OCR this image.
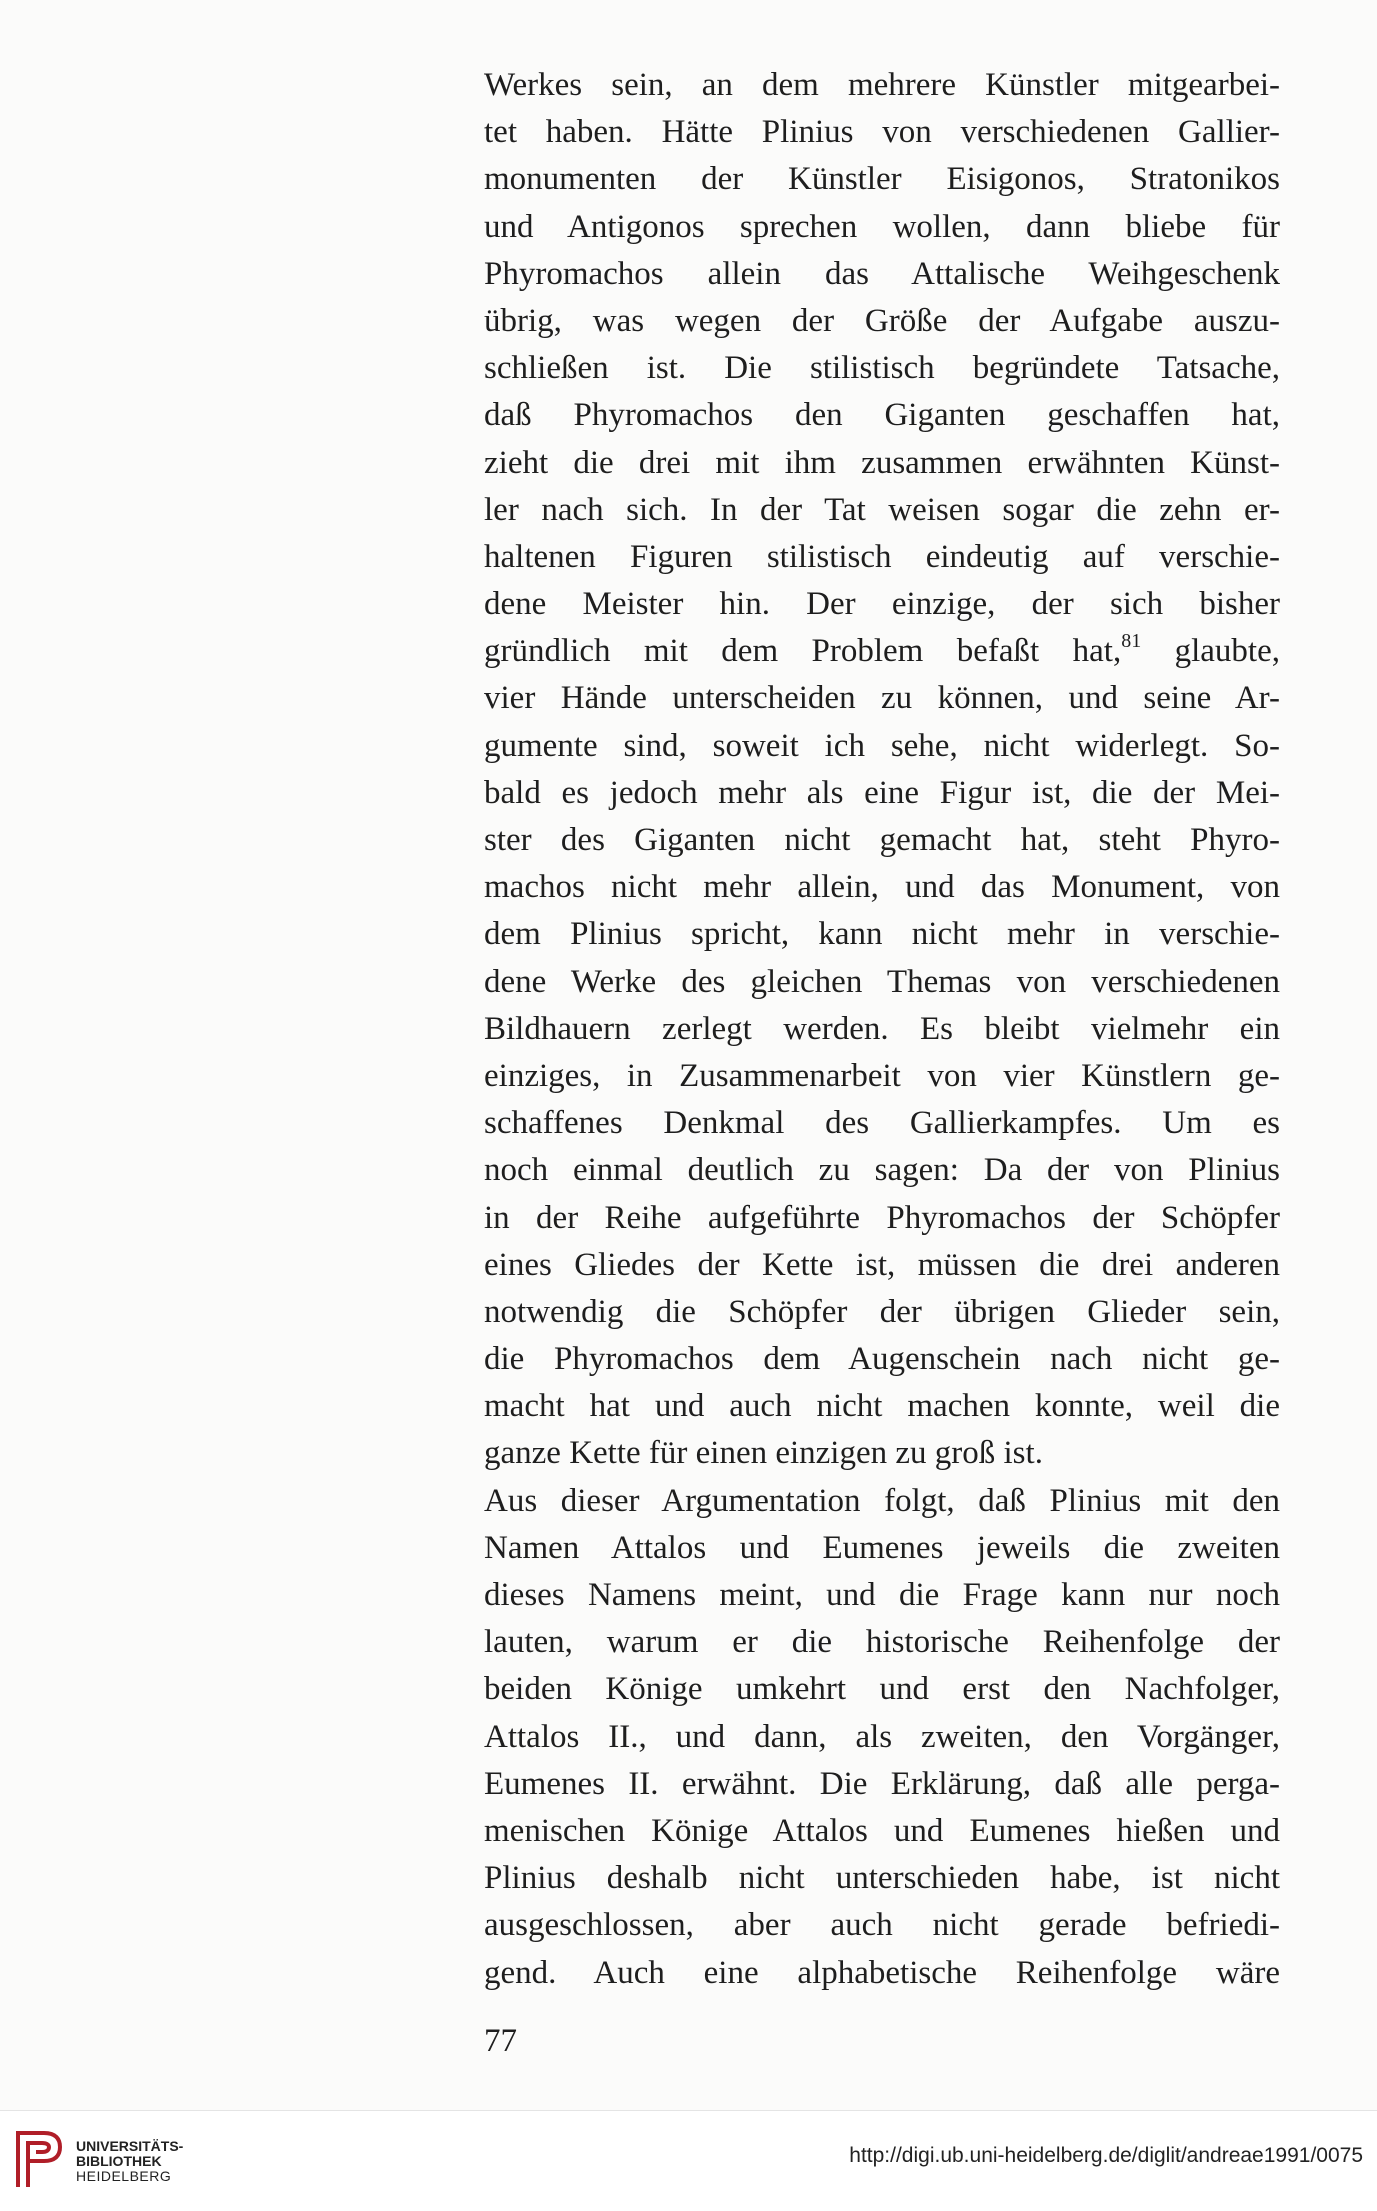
Werkes sein, an dem mehrere Künstler mitgearbei-
tet haben. Hätte Plinius von verschiedenen Gallier-
monumenten der Künstler Eisigonos, Stratonikos
und Antigonos sprechen wollen, dann bliebe für
Phyromachos allein das Attalische Weihgeschenk
übrig, was wegen der Größe der Aufgabe auszu-
schließen ist. Die stilistisch begründete Tatsache,
daß Phyromachos den Giganten geschaffen hat,
zieht die drei mit ihm zusammen erwähnten Künst-
ler nach sich. In der Tat weisen sogar die zehn er-
haltenen Figuren stilistisch eindeutig auf verschie-
dene Meister hin. Der einzige, der sich bisher
gründlich mit dem Problem befaßt hat,$^{81}$ glaubte,
vier Hände unterscheiden zu können, und seine Ar-
gumente sind, soweit ich sehe, nicht widerlegt. So-
bald es jedoch mehr als eine Figur ist, die der Mei-
ster des Giganten nicht gemacht hat, steht Phyro-
machos nicht mehr allein, und das Monument, von
dem Plinius spricht, kann nicht mehr in verschie-
dene Werke des gleichen Themas von verschiedenen
Bildhauern zerlegt werden. Es bleibt vielmehr ein
einziges, in Zusammenarbeit von vier Künstlern ge-
schaffenes Denkmal des Gallierkampfes. Um es
noch einmal deutlich zu sagen: Da der von Plinius
in der Reihe aufgeführte Phyromachos der Schöpfer
eines Gliedes der Kette ist, müssen die drei anderen
notwendig die Schöpfer der übrigen Glieder sein,
die Phyromachos dem Augenschein nach nicht ge-
macht hat und auch nicht machen konnte, weil die
ganze Kette für einen einzigen zu groß ist.
Aus dieser Argumentation folgt, daß Plinius mit den
Namen Attalos und Eumenes jeweils die zweiten
dieses Namens meint, und die Frage kann nur noch
lauten, warum er die historische Reihenfolge der
beiden Könige umkehrt und erst den Nachfolger,
Attalos II., und dann, als zweiten, den Vorgänger,
Eumenes II. erwähnt. Die Erklärung, daß alle perga-
menischen Könige Attalos und Eumenes hießen und
Plinius deshalb nicht unterschieden habe, ist nicht
ausgeschlossen, aber auch nicht gerade befriedi-
gend. Auch eine alphabetische Reihenfolge wäre
77
UNIVERSITÄTS-
BIBLIOTHEK
HEIDELBERG
http://digi.ub.uni-heidelberg.de/diglit/andreae1991/0075
